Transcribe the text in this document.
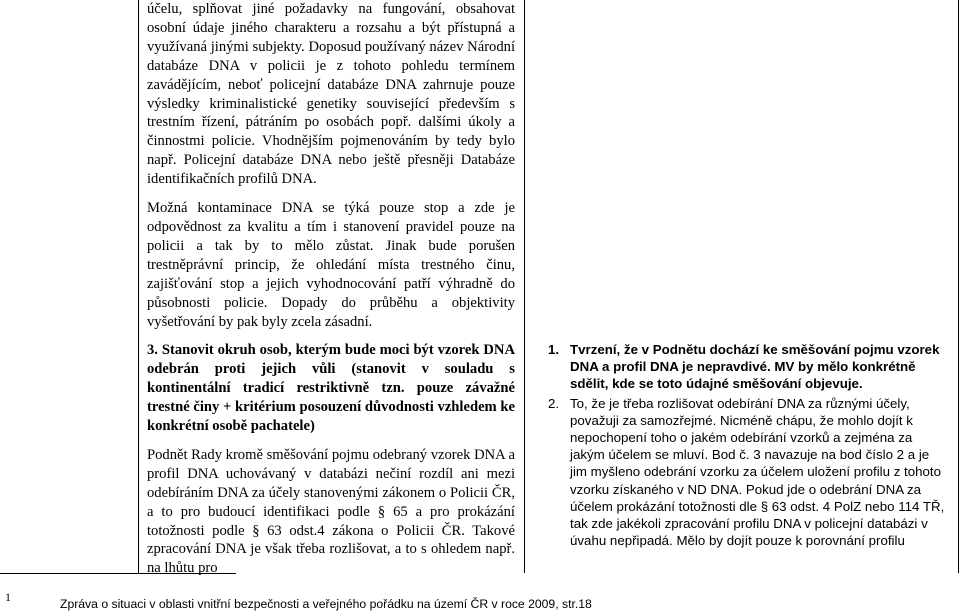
účelu, splňovat jiné požadavky na fungování, obsahovat osobní údaje jiného charakteru a rozsahu a být přístupná a využívaná jinými subjekty. Doposud používaný název Národní databáze DNA v policii je z tohoto pohledu termínem zavádějícím, neboť policejní databáze DNA zahrnuje pouze výsledky kriminalistické genetiky související především s trestním řízení, pátráním po osobách popř. dalšími úkoly a činnostmi policie. Vhodnějším pojmenováním by tedy bylo např. Policejní databáze DNA nebo ještě přesněji Databáze identifikačních profilů DNA.

Možná kontaminace DNA se týká pouze stop a zde je odpovědnost za kvalitu a tím i stanovení pravidel pouze na policii a tak by to mělo zůstat. Jinak bude porušen trestněprávní princip, že ohledání místa trestného činu, zajišťování stop a jejich vyhodnocování patří výhradně do působnosti policie. Dopady do průběhu a objektivity vyšetřování by pak byly zcela zásadní.

3. Stanovit okruh osob, kterým bude moci být vzorek DNA odebrán proti jejich vůli (stanovit v souladu s kontinentální tradicí restriktivně tzn. pouze závažné trestné činy + kritérium posouzení důvodnosti vzhledem ke konkrétní osobě pachatele)

Podnět Rady kromě směšování pojmu odebraný vzorek DNA a profil DNA uchovávaný v databázi nečiní rozdíl ani mezi odebíráním DNA za účely stanovenými zákonem o Policii ČR, a to pro budoucí identifikaci podle § 65 a pro prokázání totožnosti podle § 63 odst.4 zákona o Policii ČR. Takové zpracování DNA je však třeba rozlišovat, a to s ohledem např. na lhůtu pro

1. Tvrzení, že v Podnětu dochází ke směšování pojmu vzorek DNA a profil DNA je nepravdivé. MV by mělo konkrétně sdělit, kde se toto údajné směšování objevuje.
2. To, že je třeba rozlišovat odebírání DNA za různými účely, považuji za samozřejmé. Nicméně chápu, že mohlo dojít k nepochopení toho o jakém odebírání vzorků a zejména za jakým účelem se mluví. Bod č. 3 navazuje na bod číslo 2 a je jim myšleno odebrání vzorku za účelem uložení profilu z tohoto vzorku získaného v ND DNA. Pokud jde o odebrání DNA za účelem prokázání totožnosti dle § 63 odst. 4 PolZ nebo 114 TŘ, tak zde jakékoli zpracování profilu DNA v policejní databázi v úvahu nepřipadá. Mělo by dojít pouze k porovnání profilu
1	Zpráva o situaci v oblasti vnitřní bezpečnosti a veřejného pořádku na území ČR v roce 2009, str.18
